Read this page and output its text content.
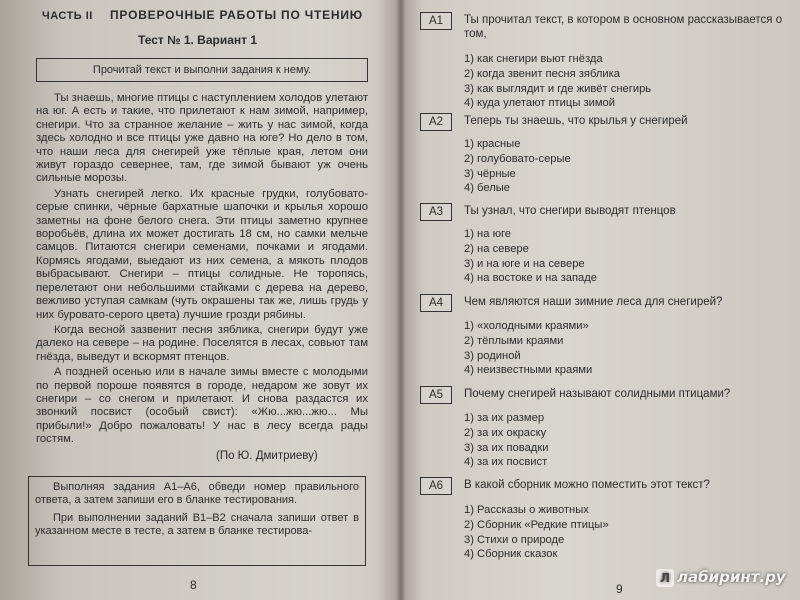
ЧАСТЬ II ПРОВЕРОЧНЫЕ РАБОТЫ ПО ЧТЕНИЮ
Тест № 1. Вариант 1
Прочитай текст и выполни задания к нему.

Ты знаешь, многие птицы с наступлением холодов улетают на юг. А есть и такие, что прилетают к нам зимой, например, снегири. Что за странное желание – жить у нас зимой, когда здесь холодно и все птицы уже давно на юге? Но дело в том, что наши леса для снегирей уже тёплые края, летом они живут гораздо севернее, там, где зимой бывают уж очень сильные морозы.

Узнать снегирей легко. Их красные грудки, голубовато-серые спинки, чёрные бархатные шапочки и крылья хорошо заметны на фоне белого снега. Эти птицы заметно крупнее воробьёв, длина их может достигать 18 см, но самки мельче самцов. Питаются снегири семенами, почками и ягодами. Кормясь ягодами, выедают из них семена, а мякоть плодов выбрасывают. Снегири – птицы солидные. Не торопясь, перелетают они небольшими стайками с дерева на дерево, вежливо уступая самкам (чуть окрашены так же, лишь грудь у них буровато-серого цвета) лучшие грозди рябины.

Когда весной зазвенит песня зяблика, снегири будут уже далеко на севере – на родине. Поселятся в лесах, совьют там гнёзда, выведут и вскормят птенцов.

А поздней осенью или в начале зимы вместе с молодыми по первой пороше появятся в городе, недаром же зовут их снегири – со снегом и прилетают. И снова раздастся их звонкий посвист (особый свист): «Жю...жю...жю... Мы прибыли!» Добро пожаловать! У нас в лесу всегда рады гостям.

(По Ю. Дмитриеву)

Выполняя задания А1–А6, обведи номер правильного ответа, а затем запиши его в бланке тестирования.

При выполнении заданий В1–В2 сначала запиши ответ в указанном месте в тесте, а затем в бланке тестирова-

8
A1	Ты прочитал текст, в котором в основном рассказывается о том,
1) как снегири вьют гнёзда
2) когда звенит песня зяблика
3) как выглядит и где живёт снегирь
4) куда улетают птицы зимой
A2	Теперь ты знаешь, что крылья у снегирей
1) красные
2) голубовато-серые
3) чёрные
4) белые
A3	Ты узнал, что снегири выводят птенцов
1) на юге
2) на севере
3) и на юге и на севере
4) на востоке и на западе
A4	Чем являются наши зимние леса для снегирей?
1) «холодными краями»
2) тёплыми краями
3) родиной
4) неизвестными краями
A5	Почему снегирей называют солидными птицами?
1) за их размер
2) за их окраску
3) за их повадки
4) за их посвист
A6	В какой сборник можно поместить этот текст?
1) Рассказы о животных
2) Сборник «Редкие птицы»
3) Стихи о природе
4) Сборник сказок
9
Л лабиринт.ру
